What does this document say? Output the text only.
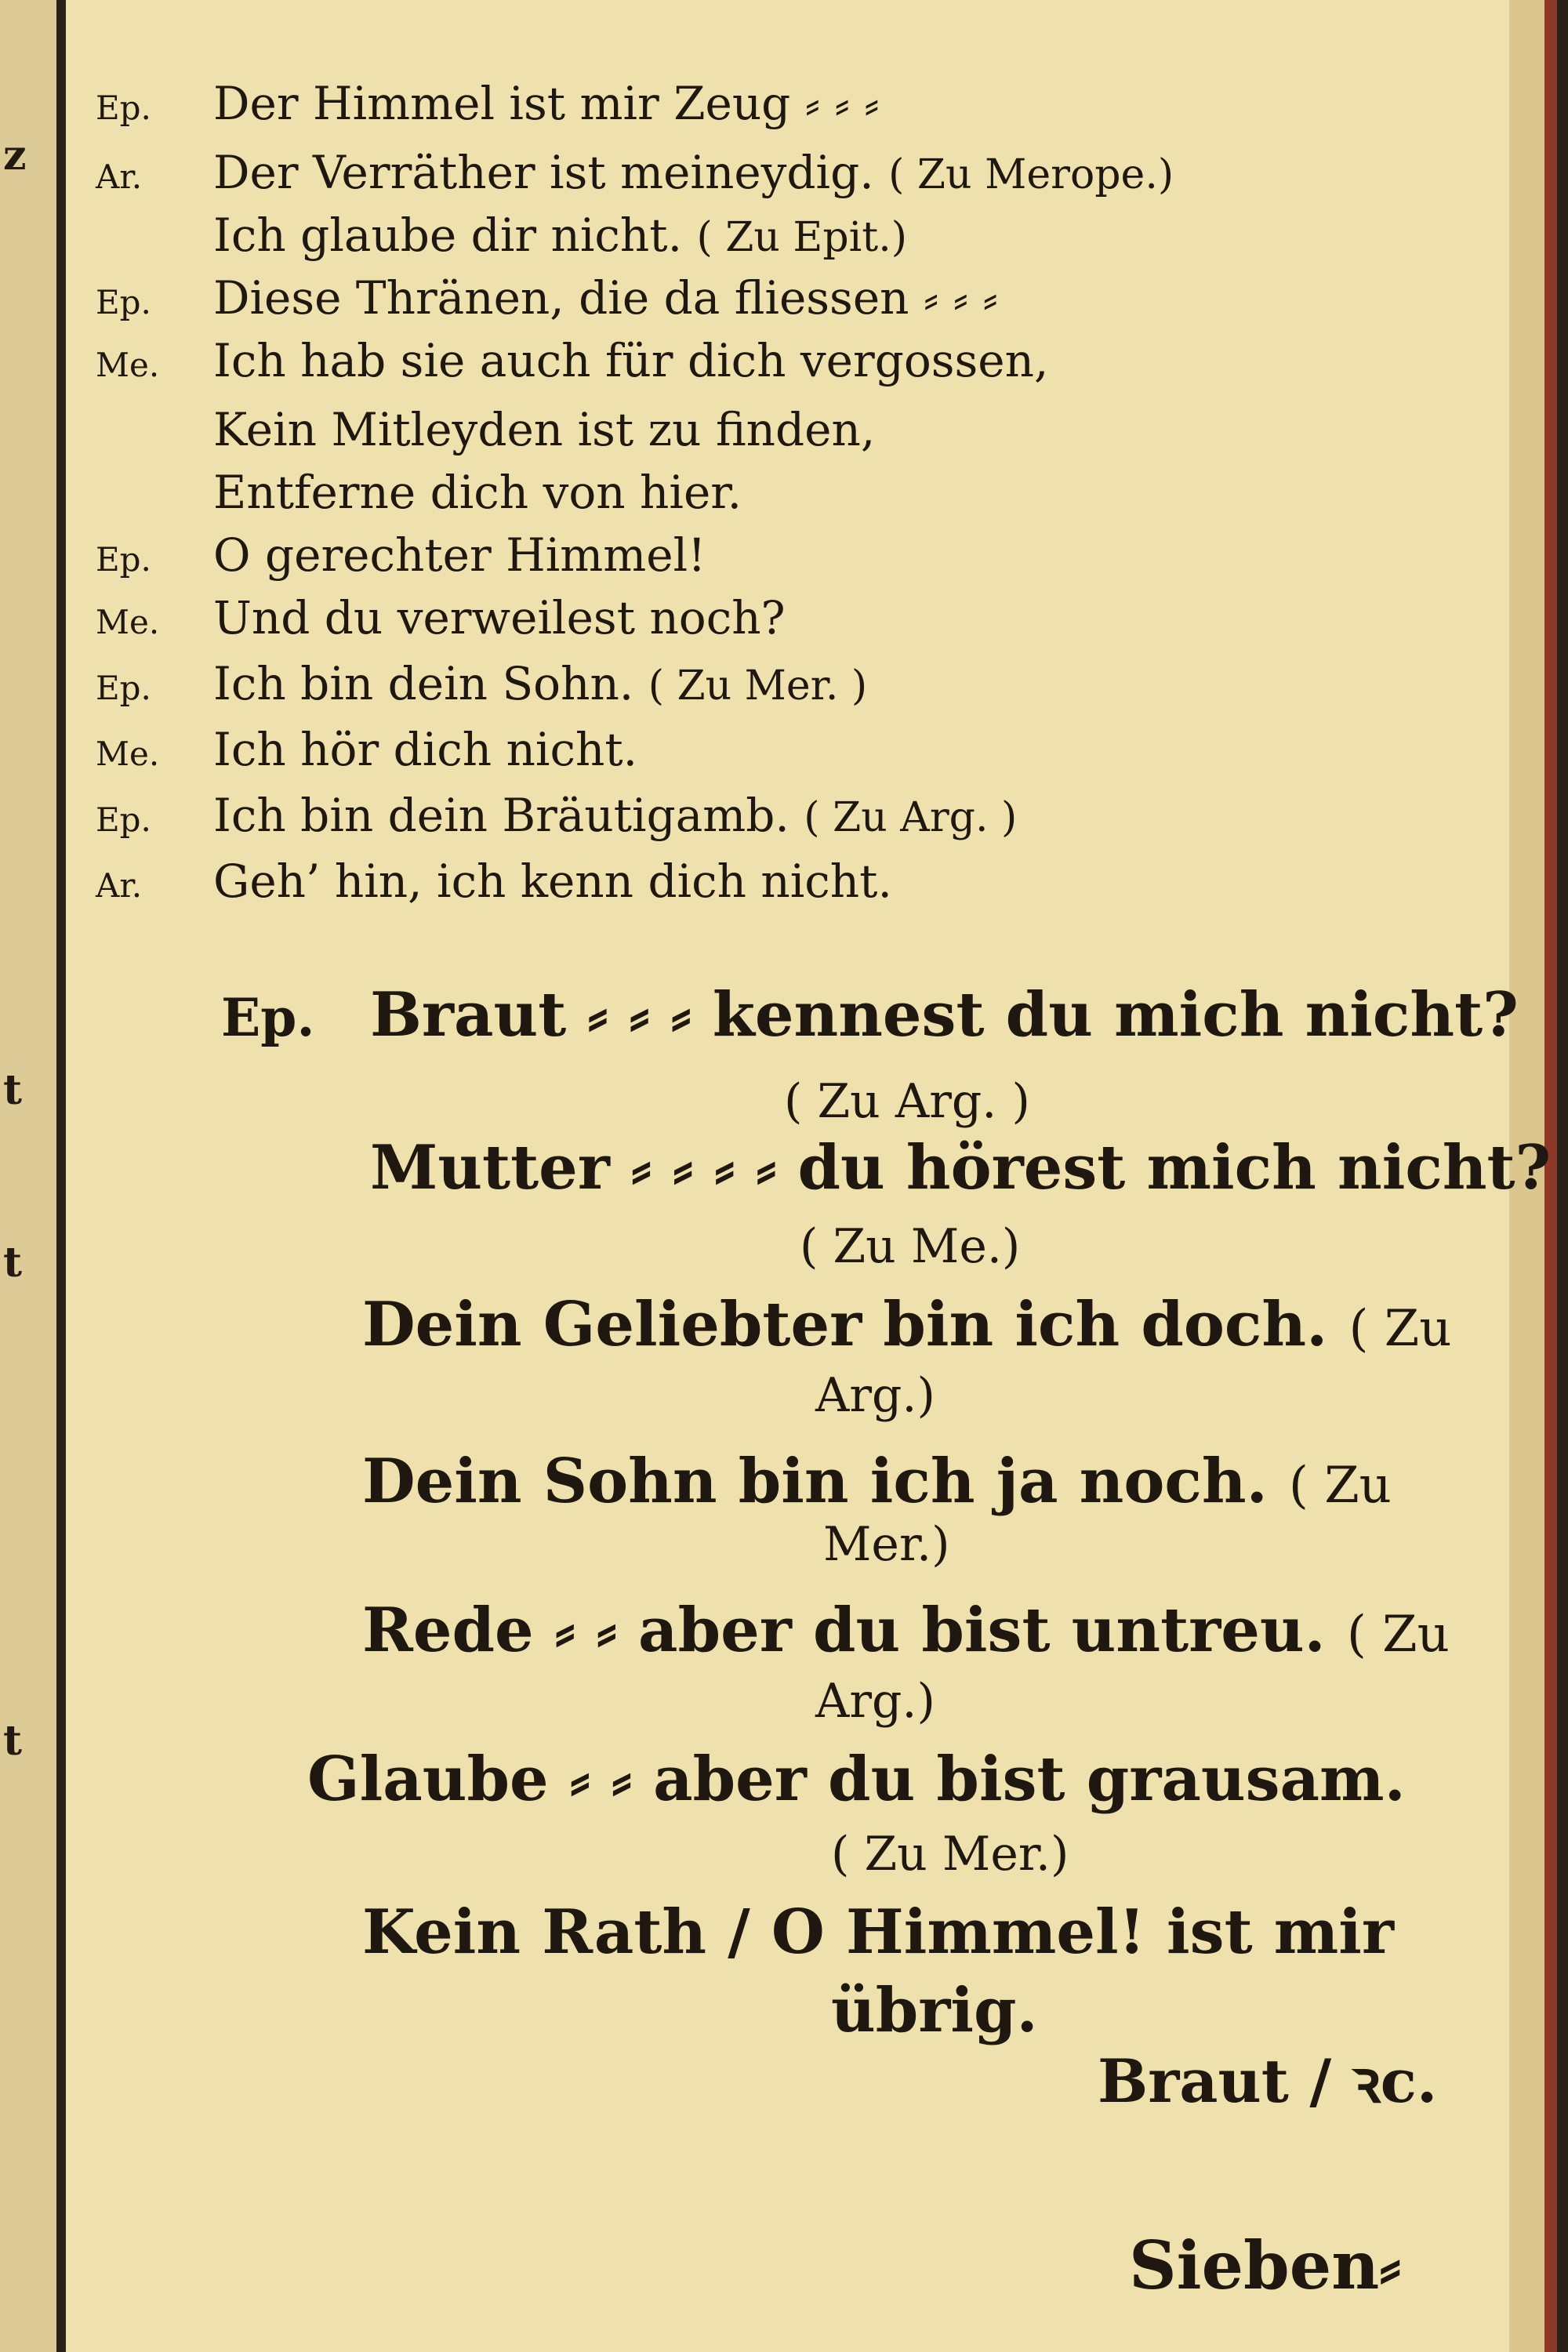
z
t
t
t
Ep. Der Himmel ist mir Zeug ⸗ ⸗ ⸗
Ar. Der Verräther ist meineydig. ( Zu Merope.)
Ich glaube dir nicht. ( Zu Epit.)
Ep. Diese Thränen, die da fliessen ⸗ ⸗ ⸗
Me. Ich hab sie auch für dich vergossen,
Kein Mitleyden ist zu finden,
Entferne dich von hier.
Ep. O gerechter Himmel!
Me. Und du verweilest noch?
Ep. Ich bin dein Sohn. ( Zu Mer. )
Me. Ich hör dich nicht.
Ep. Ich bin dein Bräutigamb. ( Zu Arg. )
Ar. Geh’ hin, ich kenn dich nicht.
Ep. Braut ⸗ ⸗ ⸗ kennest du mich nicht?
( Zu Arg. )
Mutter ⸗ ⸗ ⸗ ⸗ du hörest mich nicht?
( Zu Me.)
Dein Geliebter bin ich doch. ( Zu
Arg.)
Dein Sohn bin ich ja noch. ( Zu
Mer.)
Rede ⸗ ⸗ aber du bist untreu. ( Zu
Arg.)
Glaube ⸗ ⸗ aber du bist grausam.
( Zu Mer.)
Kein Rath / O Himmel! ist mir
übrig.
Braut / ꝛc.
Sieben⸗
